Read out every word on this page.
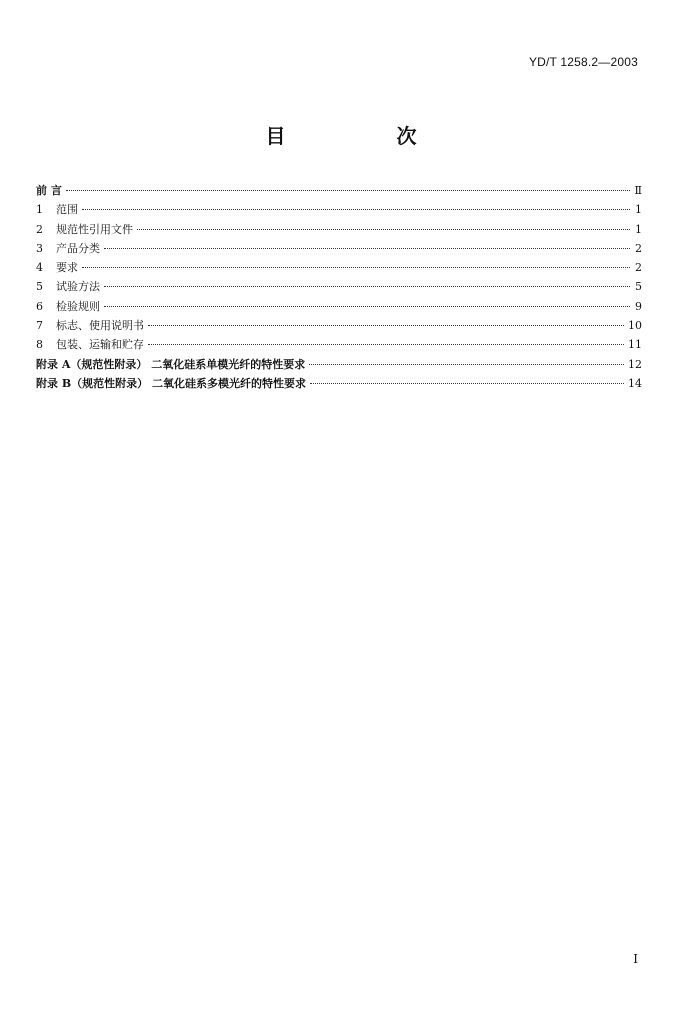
YD/T 1258.2—2003
目 次
前 言	Ⅱ
1	范围	1
2	规范性引用文件	1
3	产品分类	2
4	要求	2
5	试验方法	5
6	检验规则	9
7	标志、使用说明书	10
8	包装、运输和贮存	11
附录 A（规范性附录） 二氧化硅系单模光纤的特性要求	12
附录 B（规范性附录） 二氧化硅系多模光纤的特性要求	14
Ⅰ
